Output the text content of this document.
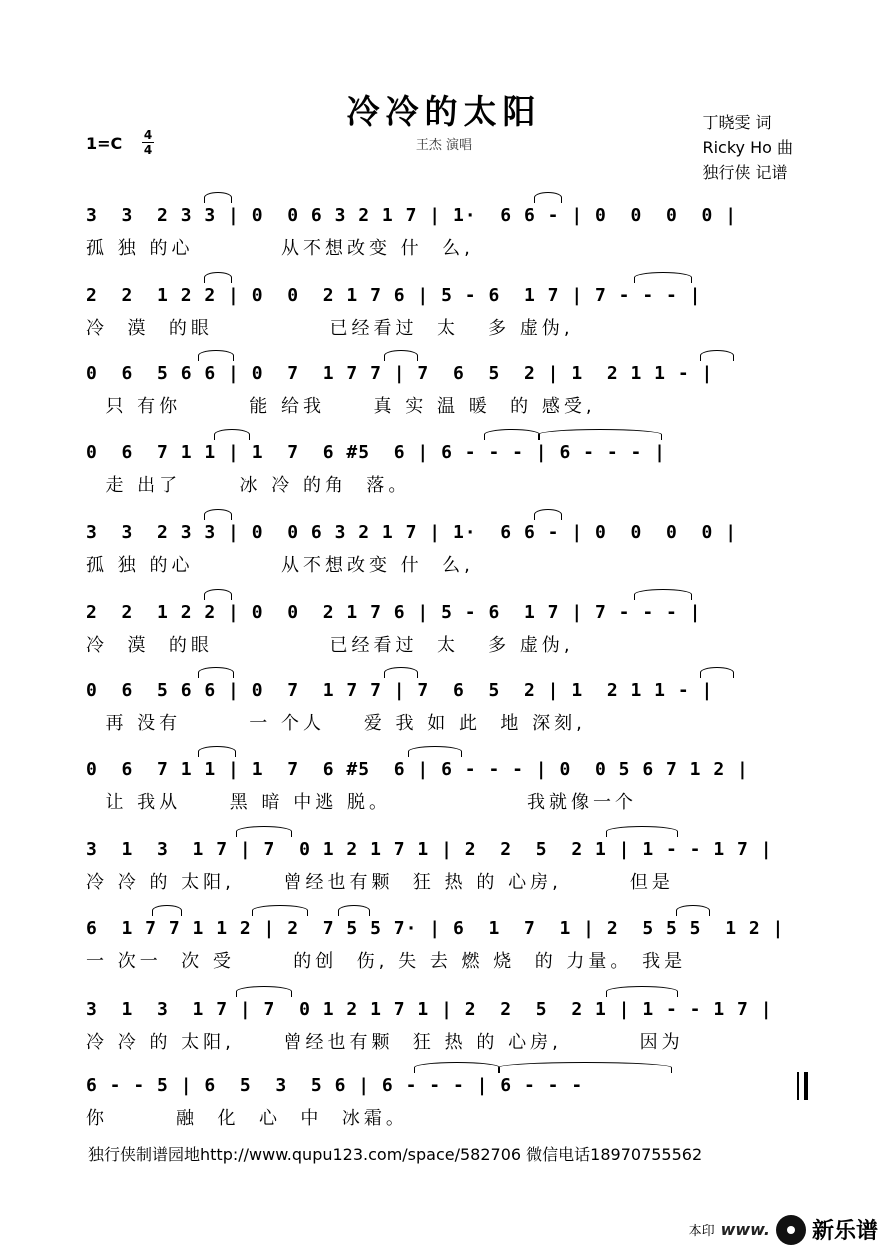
冷冷的太阳
王杰 演唱
1=C 4
4
丁晓雯 词
Ricky Ho 曲
独行侠 记谱
3  3  2 3 3 | 0  0 6 3 2 1 7 | 1·  6 6 - | 0  0  0  0 |
孤 独 的心         从不想改变 什  么,
2  2  1 2 2 | 0  0  2 1 7 6 | 5 - 6  1 7 | 7 - - - |
冷  漠  的眼            已经看过  太   多 虚伪,
0  6  5 6 6 | 0  7  1 7 7 | 7  6  5  2 | 1  2 1 1 - |
只 有你       能 给我     真 实 温 暖  的 感受,
0  6  7 1 1 | 1  7  6 #5  6 | 6 - - - | 6 - - - |
走 出了      冰 冷 的角  落。
3  3  2 3 3 | 0  0 6 3 2 1 7 | 1·  6 6 - | 0  0  0  0 |
孤 独 的心         从不想改变 什  么,
2  2  1 2 2 | 0  0  2 1 7 6 | 5 - 6  1 7 | 7 - - - |
冷  漠  的眼            已经看过  太   多 虚伪,
0  6  5 6 6 | 0  7  1 7 7 | 7  6  5  2 | 1  2 1 1 - |
再 没有       一 个人    爱 我 如 此  地 深刻,
0  6  7 1 1 | 1  7  6 #5  6 | 6 - - - | 0  0 5 6 7 1 2 |
让 我从     黑 暗 中逃 脱。              我就像一个
3  1  3  1 7 | 7  0 1 2 1 7 1 | 2  2  5  2 1 | 1 - - 1 7 |
冷 冷 的 太阳,     曾经也有颗  狂 热 的 心房,       但是
6  1 7 7 1 1 2 | 2  7 5 5 7· | 6  1  7  1 | 2  5 5 5  1 2 |
一 次一  次 受      的创  伤, 失 去 燃 烧  的 力量。 我是
3  1  3  1 7 | 7  0 1 2 1 7 1 | 2  2  5  2 1 | 1 - - 1 7 |
冷 冷 的 太阳,     曾经也有颗  狂 热 的 心房,        因为
6 - - 5 | 6  5  3  5 6 | 6 - - - | 6 - - -
你       融  化  心  中  冰霜。
独行侠制谱园地http://www.qupu123.com/space/582706 微信电话18970755562
本印 www. 新乐谱
